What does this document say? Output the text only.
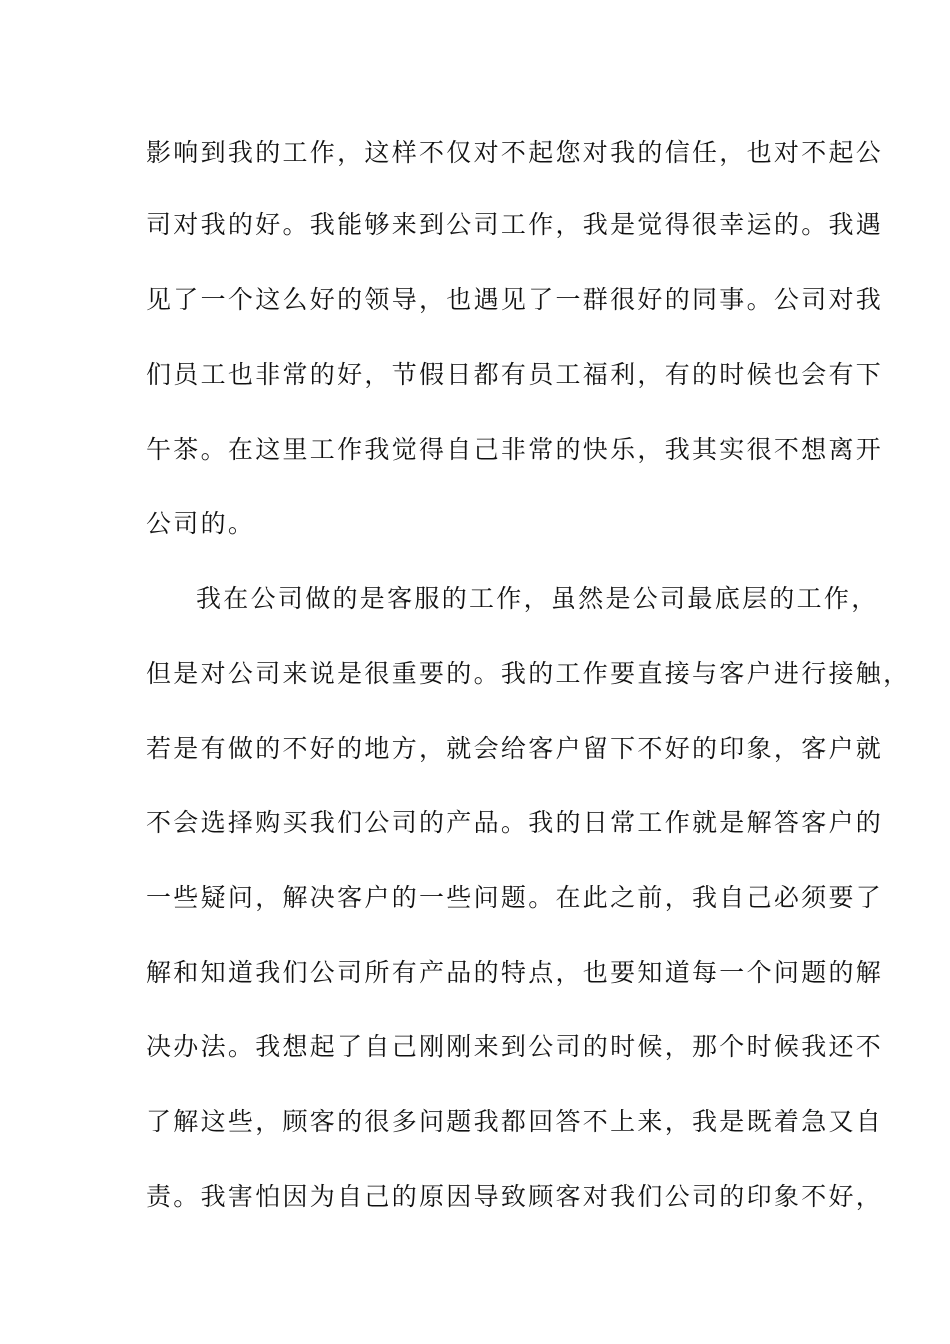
影响到我的工作，这样不仅对不起您对我的信任，也对不起公
司对我的好。我能够来到公司工作，我是觉得很幸运的。我遇
见了一个这么好的领导，也遇见了一群很好的同事。公司对我
们员工也非常的好，节假日都有员工福利，有的时候也会有下
午茶。在这里工作我觉得自己非常的快乐，我其实很不想离开
公司的。
我在公司做的是客服的工作，虽然是公司最底层的工作，
但是对公司来说是很重要的。我的工作要直接与客户进行接触，
若是有做的不好的地方，就会给客户留下不好的印象，客户就
不会选择购买我们公司的产品。我的日常工作就是解答客户的
一些疑问，解决客户的一些问题。在此之前，我自己必须要了
解和知道我们公司所有产品的特点，也要知道每一个问题的解
决办法。我想起了自己刚刚来到公司的时候，那个时候我还不
了解这些，顾客的很多问题我都回答不上来，我是既着急又自
责。我害怕因为自己的原因导致顾客对我们公司的印象不好，
